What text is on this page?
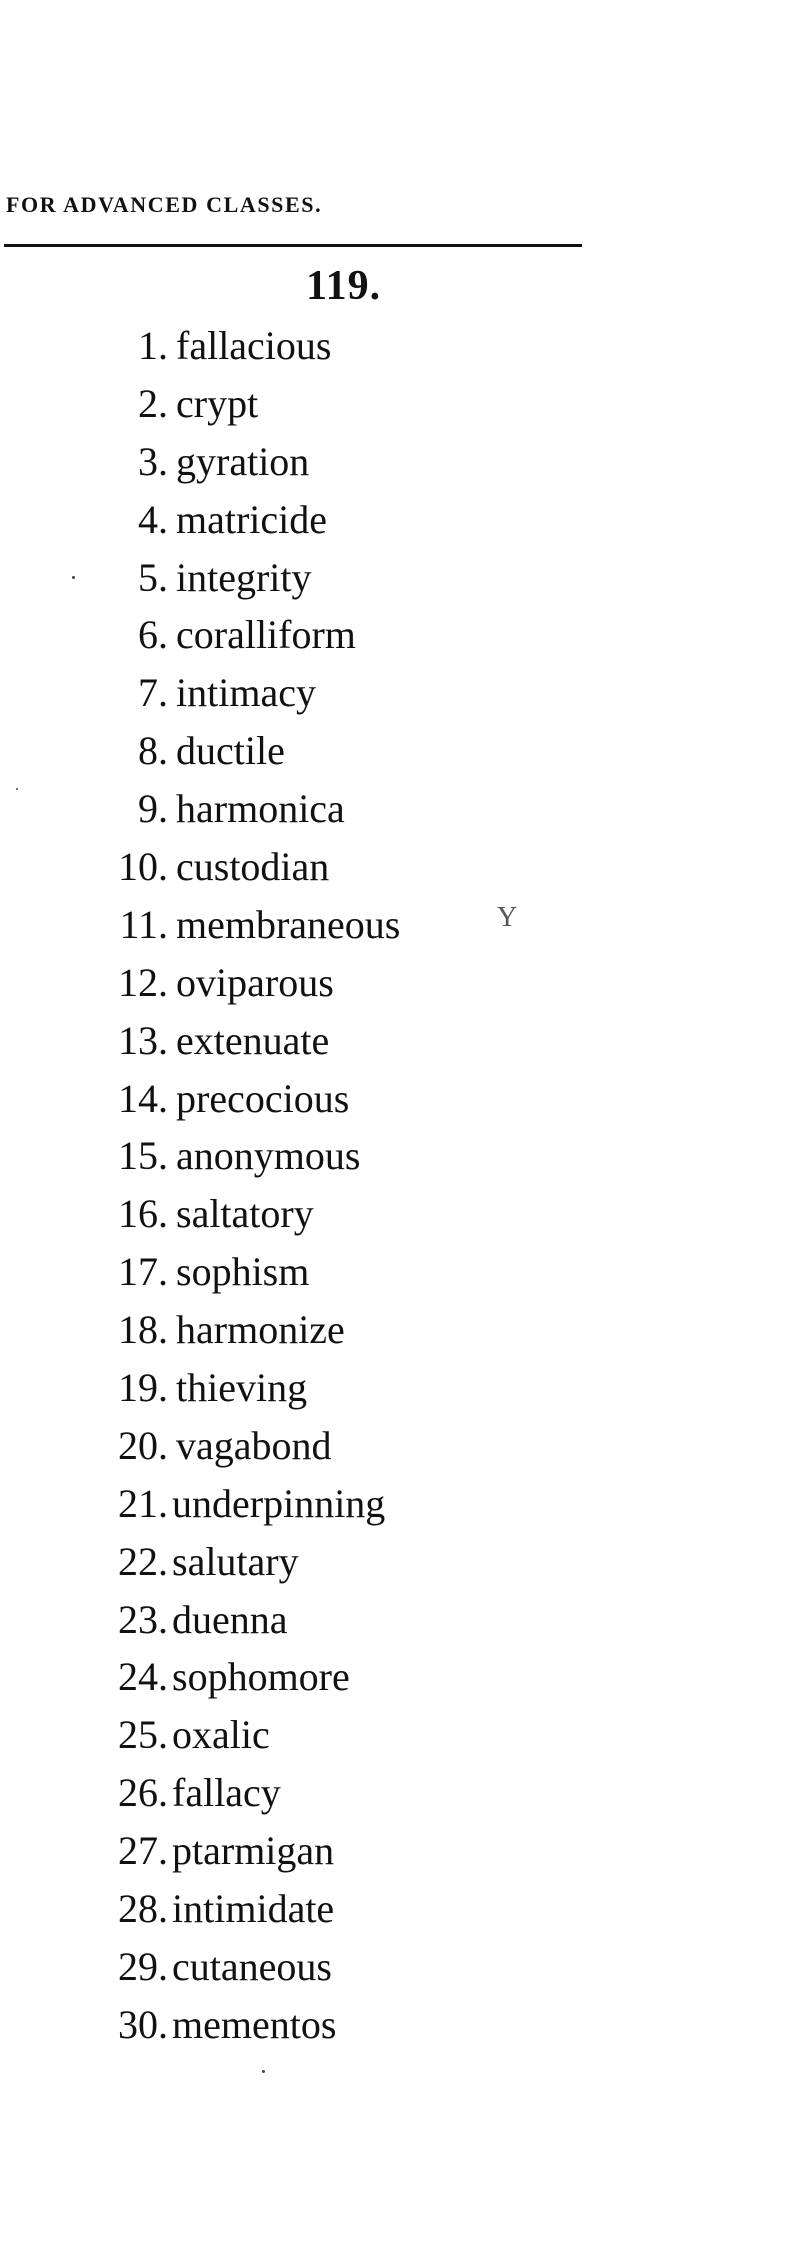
FOR ADVANCED CLASSES.
119.
1. fallacious
2. crypt
3. gyration
4. matricide
5. integrity
6. coralliform
7. intimacy
8. ductile
9. harmonica
10. custodian
11. membraneous
12. oviparous
13. extenuate
14. precocious
15. anonymous
16. saltatory
17. sophism
18. harmonize
19. thieving
20. vagabond
21. underpinning
22. salutary
23. duenna
24. sophomore
25. oxalic
26. fallacy
27. ptarmigan
28. intimidate
29. cutaneous
30. mementos
Y
